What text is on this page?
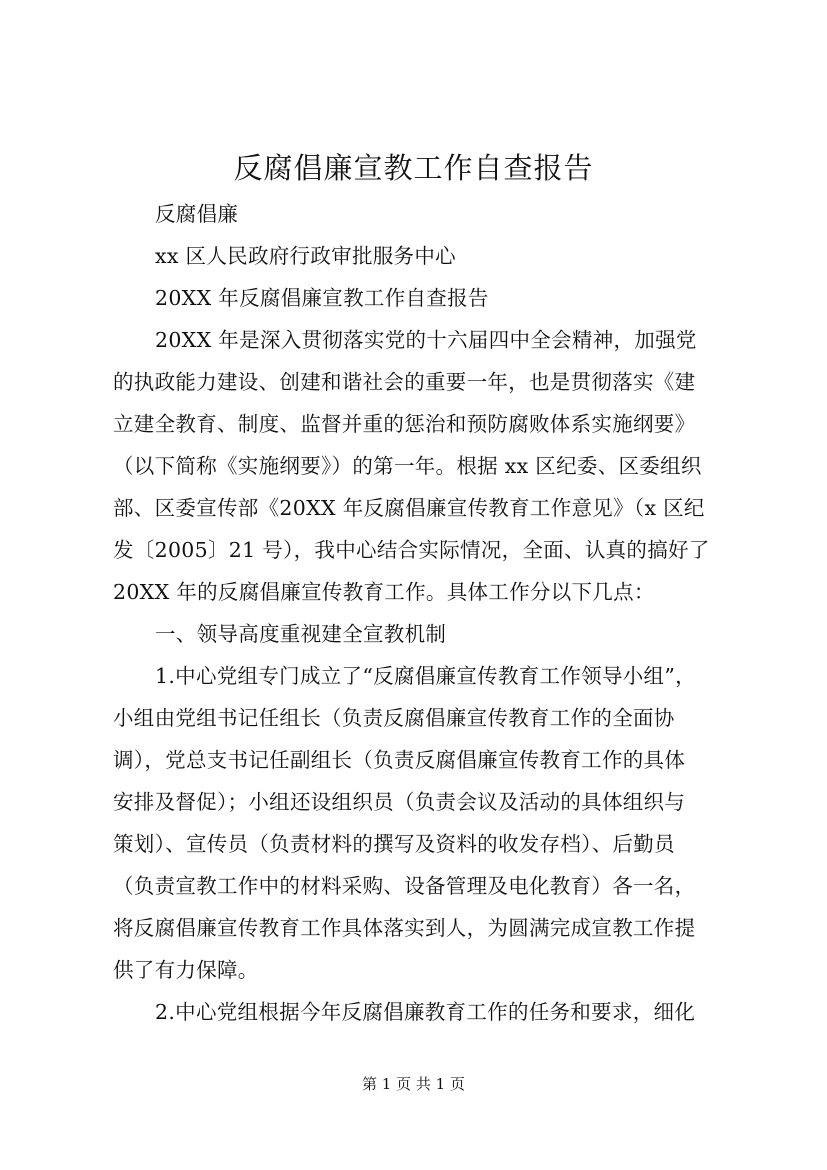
反腐倡廉宣教工作自查报告
反腐倡廉
xx 区人民政府行政审批服务中心
20XX 年反腐倡廉宣教工作自查报告
20XX 年是深入贯彻落实党的十六届四中全会精神，加强党
的执政能力建设、创建和谐社会的重要一年，也是贯彻落实《建
立建全教育、制度、监督并重的惩治和预防腐败体系实施纲要》
（以下简称《实施纲要》）的第一年。根据 xx 区纪委、区委组织
部、区委宣传部《20XX 年反腐倡廉宣传教育工作意见》（x 区纪
发〔2005〕21 号），我中心结合实际情况，全面、认真的搞好了
20XX 年的反腐倡廉宣传教育工作。具体工作分以下几点：
一、领导高度重视建全宣教机制
1.中心党组专门成立了“反腐倡廉宣传教育工作领导小组”，
小组由党组书记任组长（负责反腐倡廉宣传教育工作的全面协
调），党总支书记任副组长（负责反腐倡廉宣传教育工作的具体
安排及督促）；小组还设组织员（负责会议及活动的具体组织与
策划）、宣传员（负责材料的撰写及资料的收发存档）、后勤员
（负责宣教工作中的材料采购、设备管理及电化教育）各一名，
将反腐倡廉宣传教育工作具体落实到人，为圆满完成宣教工作提
供了有力保障。
2.中心党组根据今年反腐倡廉教育工作的任务和要求，细化
第 1 页 共 1 页
